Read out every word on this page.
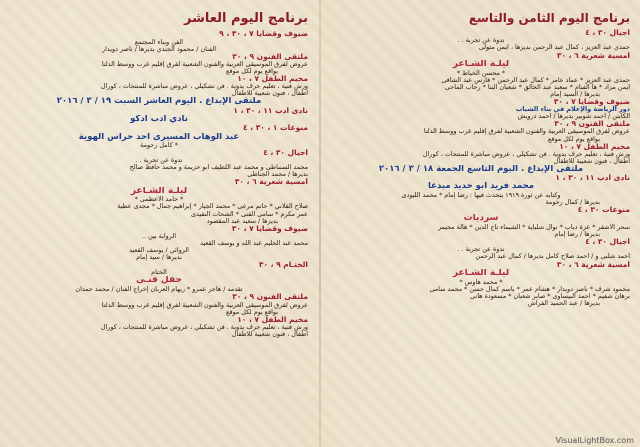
برنامج اليوم الثامن والتاسع
أجيال ٣٠ ، ٤
ندوة عن تجربة . .
حمدي عبد العزيز ، كمال عبد الرحمن بديرها ، أيمن متولى
أمسية شعرية ٦ ، ٣٠
ليلـة الشـاعر
* محسن الخياط *
حمدى عبد العزيز * عماد عامر * كمال عبد الرحمن * فارس عبد الشافى
أيمن مراد * ها الفنام * سعيد عبد الخالق * شعبان البنا * رحاب الماحى
بديرها / السيد إمام
ضيوف وقضايا ٧ ، ٣٠
دور الرياضة والإعلام في بناء الشباب
الكابتن / أحمد شوبير بديرها / أحمد درويش
ملتقى الفنون ٩ ، ٣٠
عروض لفرق الموسيقى العربية والفنون الشعبية لفرق إقليم غرب ووسط الدلتا
بواقع يوم لكل موقع
مخيم الطفل ٧ ، ١٠
ورش فنية ، تعليم حرف يدوية . فن تشكيلي ، عروض مباشرة للمنتجات ، كورال
أطفال ، فنون شعبية للأطفال
ملتقى الإبداع . اليوم التاسع الجمعة ١٨ / ٣ / ٢٠١٦
نادى أدب ١١ ، ٣٠ ، ١
محمد فريد أبو حديد مبدعاً
وكتابه عن ثورة ١٩١٩ يتحدث فيها : رضا إمام * محمد الليودى
بديرها / كمال رحومة
منوعات ٣٠ ، ٤
سرديات
سحر الأشقر * عزة دياب * نوال شلباية * الشيماء تاج الدين * هالة محيمر
بديرها / رضا إمام
أجيال ٣٠ ، ٤
ندوة عن تجربة . .
أحمد شلبى و / أحمد صلاح كامل بديرها / كمال عبد الرحمن
أمسية شعرية ٦ ، ٣٠
ليلـة الشـاعر
* محمد هاوس *
محمود شرف * ناصر دويدار * هشام عمر * باسم كمال حسن * محمد سامى
برهان شفيم * أحمد البيساوى * صابر شعبان * مسعودة هانى
بديرها / عبد الحميد الفراش
برنامج اليوم العاشر
ضيوف وقضايا ٧ ، ٣٠ ، ٩
الفن وبناء المجتمع
الفنان / محمود الجندي بديرها / ناصر دويدار
ملتقى الفنون ٩ ، ٣٠
عروض لفرق الموسيقى العربية والفنون الشعبية لفرق إقليم غرب ووسط الدلتا
بواقع يوم لكل موقع
مخيم الطفل ٧ ، ١٠
ورش فنية ، تعليم حرف يدوية . فن تشكيلي ، عروض مباشرة للمنتجات ، كورال
أطفال ، فنون شعبية للأطفال
ملتقى الإبداع . اليوم العاشر السبت ١٩ / ٣ / ٢٠١٦
نادى أدب ١١ ، ٣٠ ، ١
نادي أدب ادكو
منوعات ١ ، ٣٠ ، ٤
عبد الوهاب المسيرى أحد حراس الهوية
* كامل رحومة
أجيال ٣٠ ، ٤
ندوة عن تجربة . .
محمد السنباطى و محمد عبد اللطيف أبو حزيمة و محمد حافظ صالح
بديرها / محمد الجناطى
أمسية شعرية ٦ ، ٣٠
ليلـة الشـاعر
* حامد الأعظمى *
صلاح القلاني * حاتم مرعى * محمد الجيار * إبراهيم جمال * مجدى عطية
عمر مكرم * سامى القنى * الشحات النقيدى
بديرها / سعيد عبد المقصود
ضيوف وقضايا ٧ ، ٣٠
الرواية بين ..
محمد عبد الحليم عبد الله و يوسف القعيد
الروائي / يوسف القعيد
بديرها / سيد إمام
الختـام ٩ ، ٣٠
الختام
حفل فنـى
تقدمه / هاجر عمرو * ريهام العربان إخراج الفنان / محمد حمدان
ملتقى الفنون ٩ ، ٣٠
عروض لفرق الموسيقى العربية والفنون الشعبية لفرق إقليم غرب ووسط الدلتا
بواقع يوم لكل موقع
مخيم الطفل ٧ ، ١٠
ورش فنية ، تعليم حرف يدوية . فن تشكيلي ، عروض مباشرة للمنتجات ، كورال
أطفال ، فنون شعبية للأطفال
VisualLightBox.com
